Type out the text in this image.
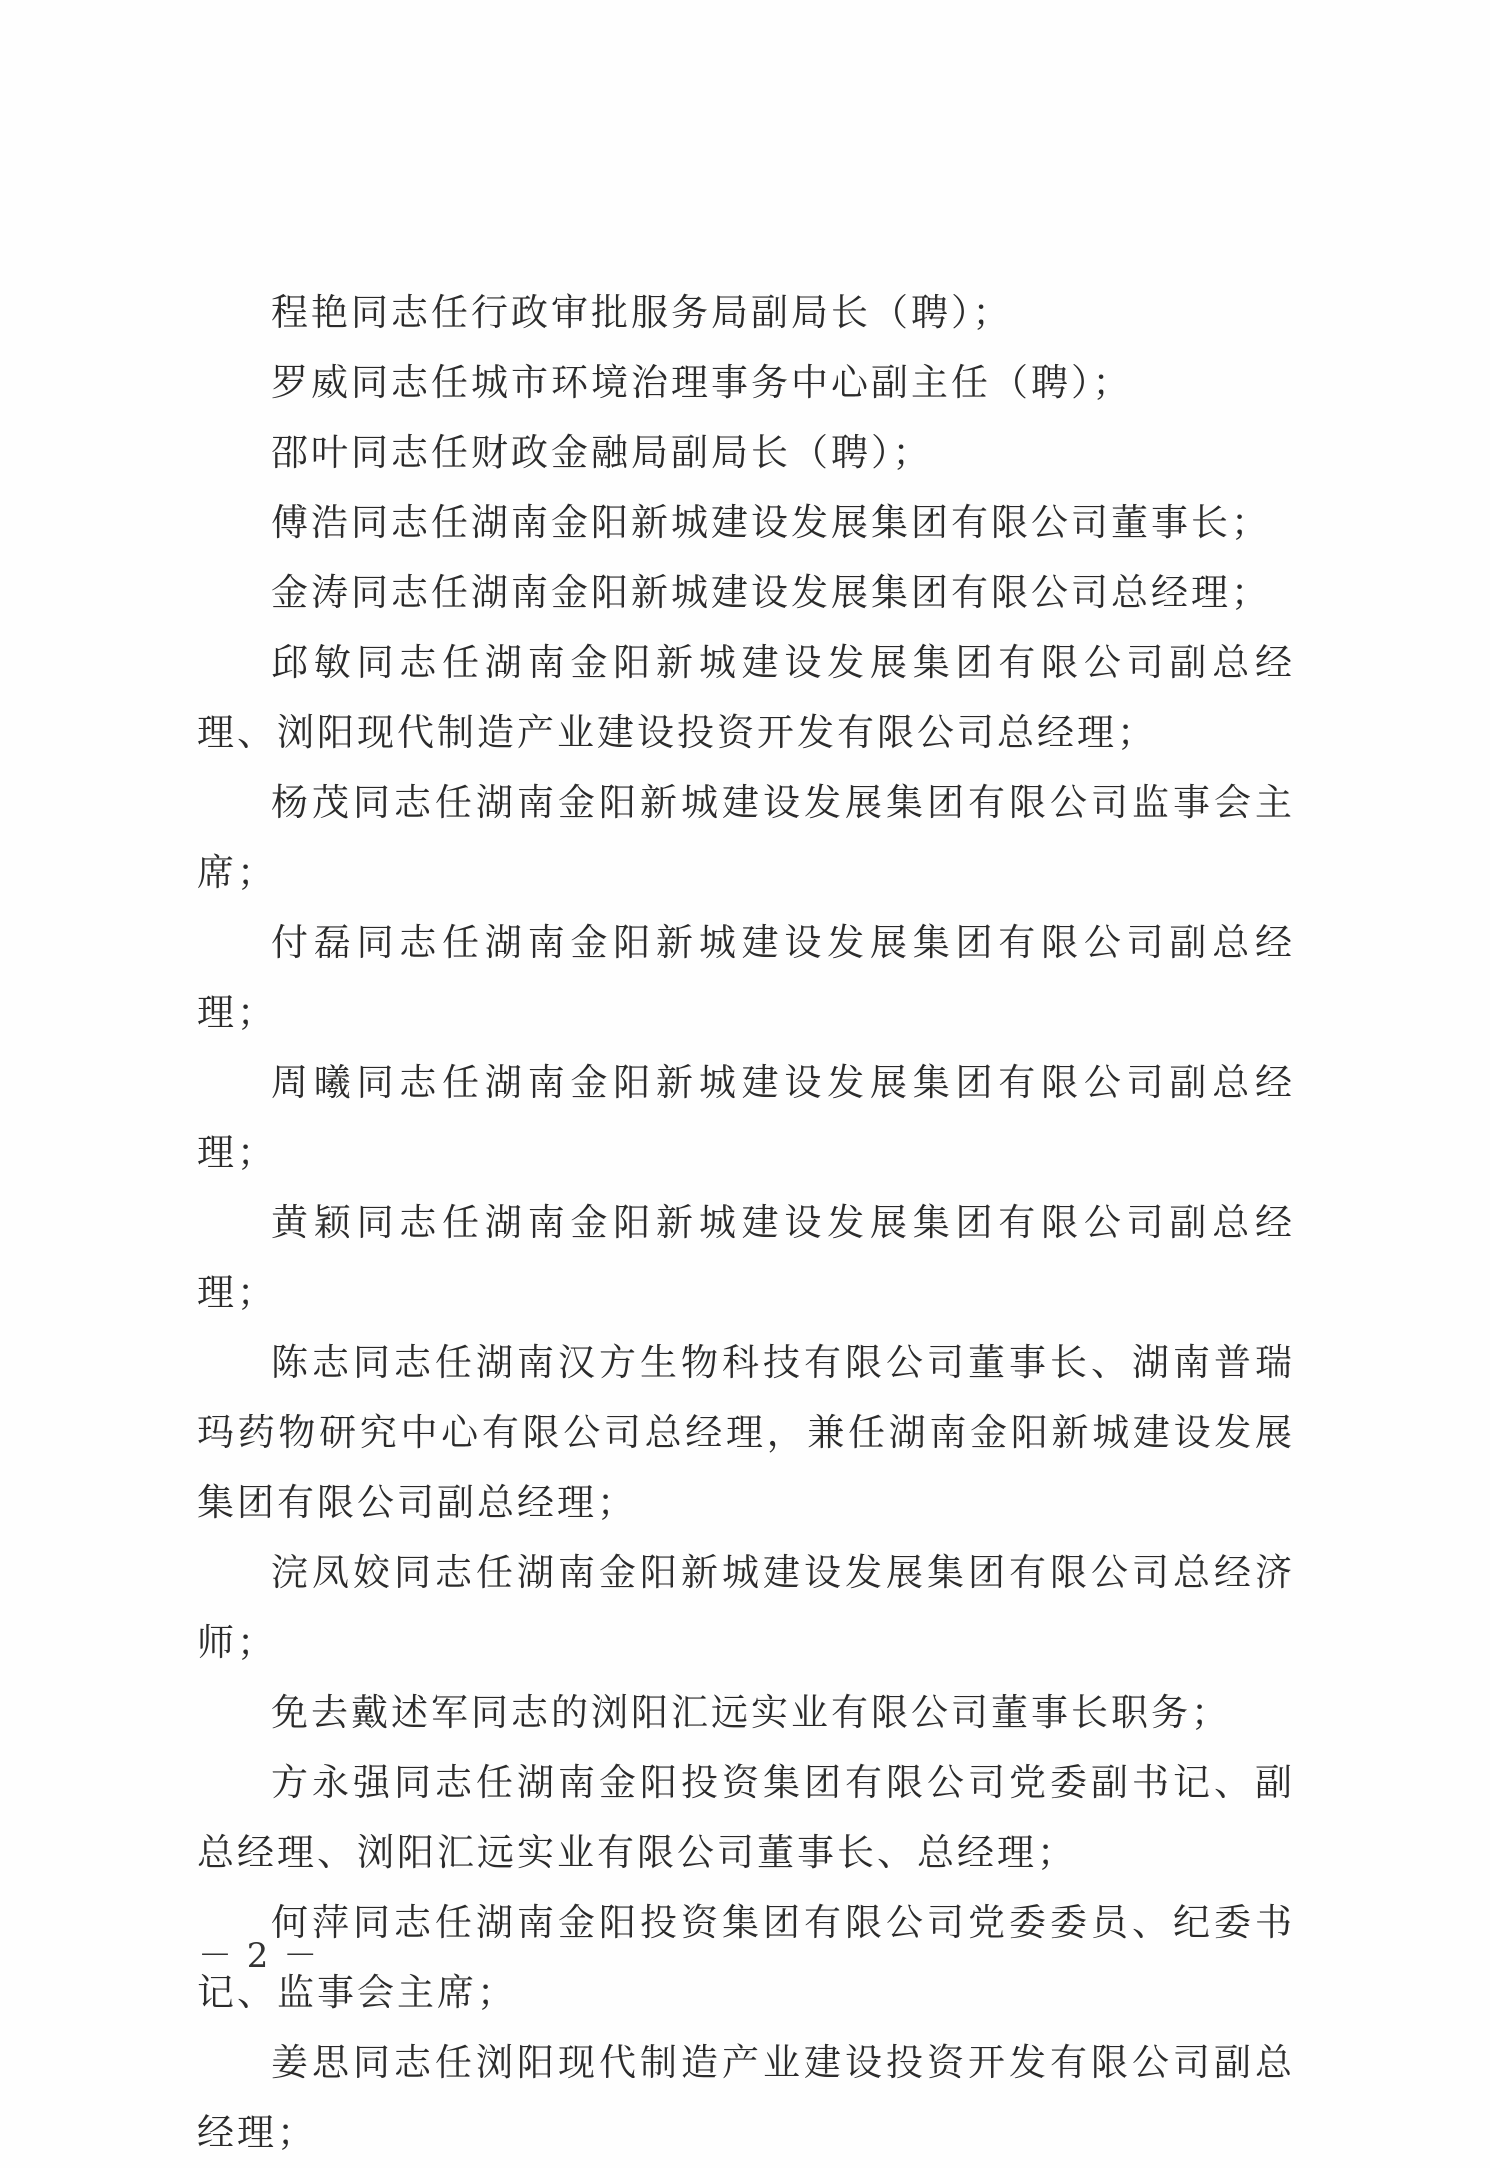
程艳同志任行政审批服务局副局长（聘）；

罗威同志任城市环境治理事务中心副主任（聘）；

邵叶同志任财政金融局副局长（聘）；

傅浩同志任湖南金阳新城建设发展集团有限公司董事长；

金涛同志任湖南金阳新城建设发展集团有限公司总经理；

邱敏同志任湖南金阳新城建设发展集团有限公司副总经理、浏阳现代制造产业建设投资开发有限公司总经理；

杨茂同志任湖南金阳新城建设发展集团有限公司监事会主席；

付磊同志任湖南金阳新城建设发展集团有限公司副总经理；

周曦同志任湖南金阳新城建设发展集团有限公司副总经理；

黄颖同志任湖南金阳新城建设发展集团有限公司副总经理；

陈志同志任湖南汉方生物科技有限公司董事长、湖南普瑞玛药物研究中心有限公司总经理，兼任湖南金阳新城建设发展集团有限公司副总经理；

浣凤姣同志任湖南金阳新城建设发展集团有限公司总经济师；

免去戴述军同志的浏阳汇远实业有限公司董事长职务；

方永强同志任湖南金阳投资集团有限公司党委副书记、副总经理、浏阳汇远实业有限公司董事长、总经理；

何萍同志任湖南金阳投资集团有限公司党委委员、纪委书记、监事会主席；

姜思同志任浏阳现代制造产业建设投资开发有限公司副总经理；

－ 2 －
